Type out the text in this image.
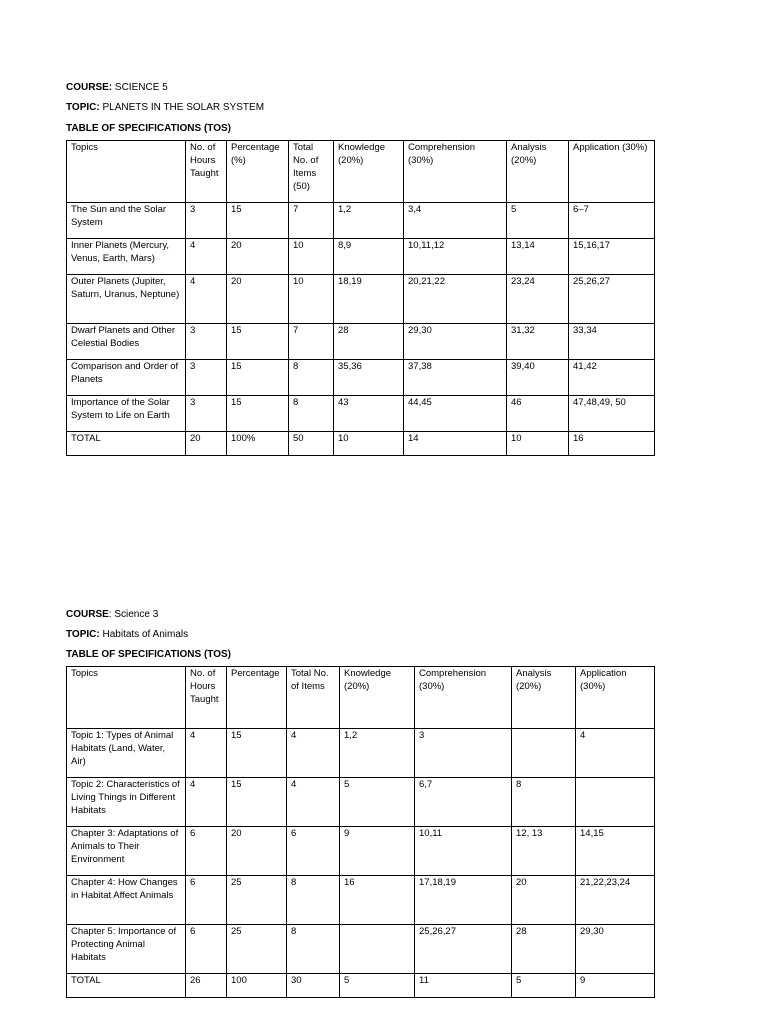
COURSE: SCIENCE 5
TOPIC: PLANETS IN THE SOLAR SYSTEM
TABLE OF SPECIFICATIONS (TOS)
Topics	No. of Hours Taught	Percentage (%)	Total No. of Items (50)	Knowledge (20%)	Comprehension (30%)	Analysis (20%)	Application (30%)
The Sun and the Solar System	3	15	7	1,2	3,4	5	6–7
Inner Planets (Mercury, Venus, Earth, Mars)	4	20	10	8,9	10,11,12	13,14	15,16,17
Outer Planets (Jupiter, Saturn, Uranus, Neptune)	4	20	10	18,19	20,21,22	23,24	25,26,27
Dwarf Planets and Other Celestial Bodies	3	15	7	28	29,30	31,32	33,34
Comparison and Order of Planets	3	15	8	35,36	37,38	39,40	41,42
Importance of the Solar System to Life on Earth	3	15	8	43	44,45	46	47,48,49, 50
TOTAL	20	100%	50	10	14	10	16
COURSE: Science 3
TOPIC: Habitats of Animals
TABLE OF SPECIFICATIONS (TOS)
Topics	No. of Hours Taught	Percentage	Total No. of Items	Knowledge (20%)	Comprehension (30%)	Analysis (20%)	Application (30%)
Topic 1: Types of Animal Habitats (Land, Water, Air)	4	15	4	1,2	3		4
Topic 2: Characteristics of Living Things in Different Habitats	4	15	4	5	6,7	8	
Chapter 3: Adaptations of Animals to Their Environment	6	20	6	9	10,11	12, 13	14,15
Chapter 4: How Changes in Habitat Affect Animals	6	25	8	16	17,18,19	20	21,22,23,24
Chapter 5: Importance of Protecting Animal Habitats	6	25	8		25,26,27	28	29,30
TOTAL	26	100	30	5	11	5	9
